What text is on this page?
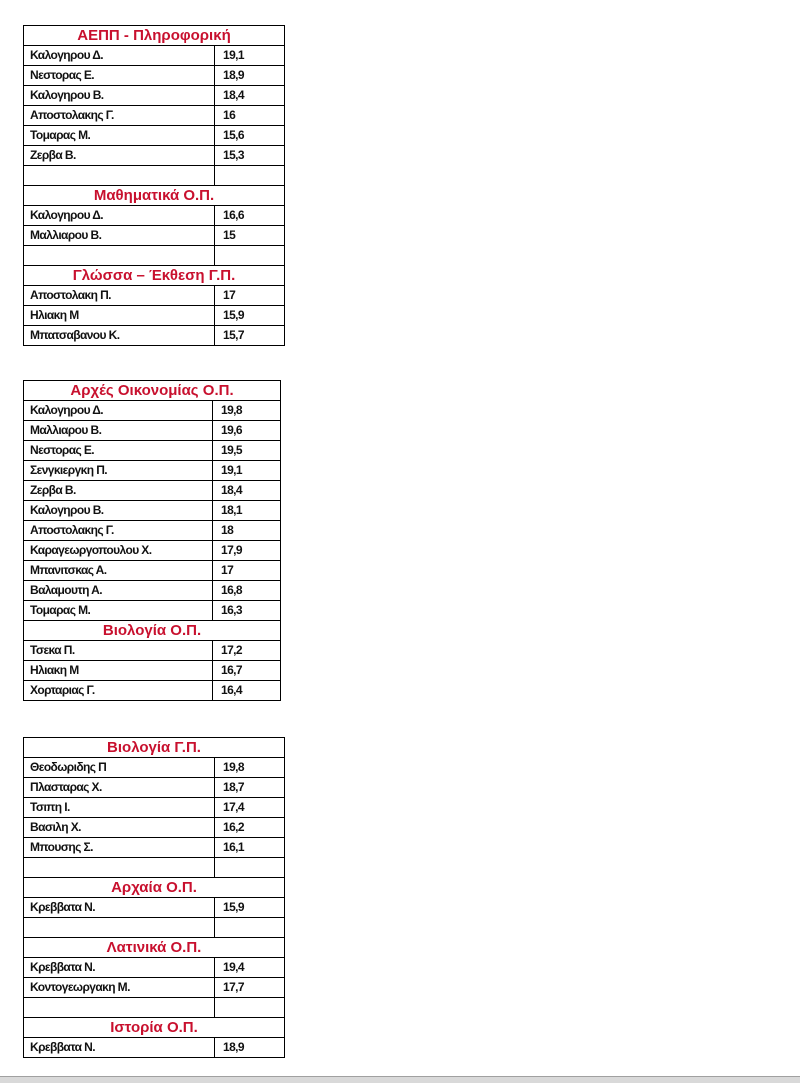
ΑΕΠΠ - Πληροφορική	
Καλογηρου Δ.	19,1
Νεστορας Ε.	18,9
Καλογηρου Β.	18,4
Αποστολακης Γ.	16
Τομαρας Μ.	15,6
Ζερβα Β.	15,3

Μαθηματικά Ο.Π.	
Καλογηρου Δ.	16,6
Μαλλιαρου Β.	15

Γλώσσα – Έκθεση Γ.Π.	
Αποστολακη Π.	17
Ηλιακη Μ	15,9
Μπατσαβανου Κ.	15,7
Αρχές Οικονομίας Ο.Π.	
Καλογηρου Δ.	19,8
Μαλλιαρου Β.	19,6
Νεστορας Ε.	19,5
Σενγκιεργκη Π.	19,1
Ζερβα Β.	18,4
Καλογηρου Β.	18,1
Αποστολακης Γ.	18
Καραγεωργοπουλου Χ.	17,9
Μπανιτσκας Α.	17
Βαλαμουτη Α.	16,8
Τομαρας Μ.	16,3
Βιολογία Ο.Π.	
Τσεκα Π.	17,2
Ηλιακη Μ	16,7
Χορταριας Γ.	16,4
Βιολογία Γ.Π.	
Θεοδωριδης Π	19,8
Πλασταρας Χ.	18,7
Τσιπη Ι.	17,4
Βασιλη Χ.	16,2
Μπουσης Σ.	16,1

Αρχαία Ο.Π.	
Κρεββατα Ν.	15,9

Λατινικά Ο.Π.	
Κρεββατα Ν.	19,4
Κοντογεωργακη Μ.	17,7

Ιστορία Ο.Π.	
Κρεββατα Ν.	18,9
